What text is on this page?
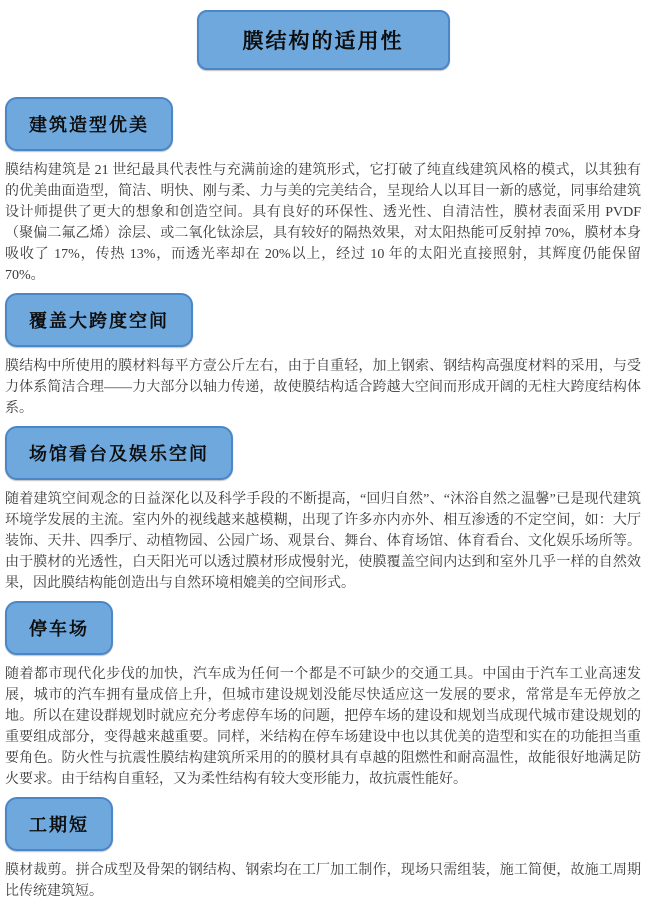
膜结构的适用性
建筑造型优美

膜结构建筑是 21 世纪最具代表性与充满前途的建筑形式，它打破了纯直线建筑风格的模式，以其独有的优美曲面造型，简洁、明快、刚与柔、力与美的完美结合，呈现给人以耳目一新的感觉，同事给建筑设计师提供了更大的想象和创造空间。具有良好的环保性、透光性、自清洁性，膜材表面采用 PVDF（聚偏二氟乙烯）涂层、或二氧化钛涂层，具有较好的隔热效果，对太阳热能可反射掉 70%，膜材本身吸收了 17%，传热 13%，而透光率却在 20%以上，经过 10 年的太阳光直接照射，其辉度仍能保留 70%。

覆盖大跨度空间

膜结构中所使用的膜材料每平方壹公斤左右，由于自重轻，加上钢索、钢结构高强度材料的采用，与受力体系简洁合理——力大部分以轴力传递，故使膜结构适合跨越大空间而形成开阔的无柱大跨度结构体系。

场馆看台及娱乐空间

随着建筑空间观念的日益深化以及科学手段的不断提高，“回归自然”、“沐浴自然之温馨”已是现代建筑环境学发展的主流。室内外的视线越来越模糊，出现了许多亦内亦外、相互渗透的不定空间，如：大厅装饰、天井、四季厅、动植物园、公园广场、观景台、舞台、体育场馆、体育看台、文化娱乐场所等。由于膜材的光透性，白天阳光可以透过膜材形成慢射光，使膜覆盖空间内达到和室外几乎一样的自然效果，因此膜结构能创造出与自然环境相媲美的空间形式。

停车场

随着都市现代化步伐的加快，汽车成为任何一个都是不可缺少的交通工具。中国由于汽车工业高速发展，城市的汽车拥有量成倍上升，但城市建设规划没能尽快适应这一发展的要求，常常是车无停放之地。所以在建设群规划时就应充分考虑停车场的问题，把停车场的建设和规划当成现代城市建设规划的重要组成部分，变得越来越重要。同样，米结构在停车场建设中也以其优美的造型和实在的功能担当重要角色。防火性与抗震性膜结构建筑所采用的的膜材具有卓越的阻燃性和耐高温性，故能很好地满足防火要求。由于结构自重轻，又为柔性结构有较大变形能力，故抗震性能好。

工期短

膜材裁剪。拼合成型及骨架的钢结构、钢索均在工厂加工制作，现场只需组装，施工简便，故施工周期比传统建筑短。
